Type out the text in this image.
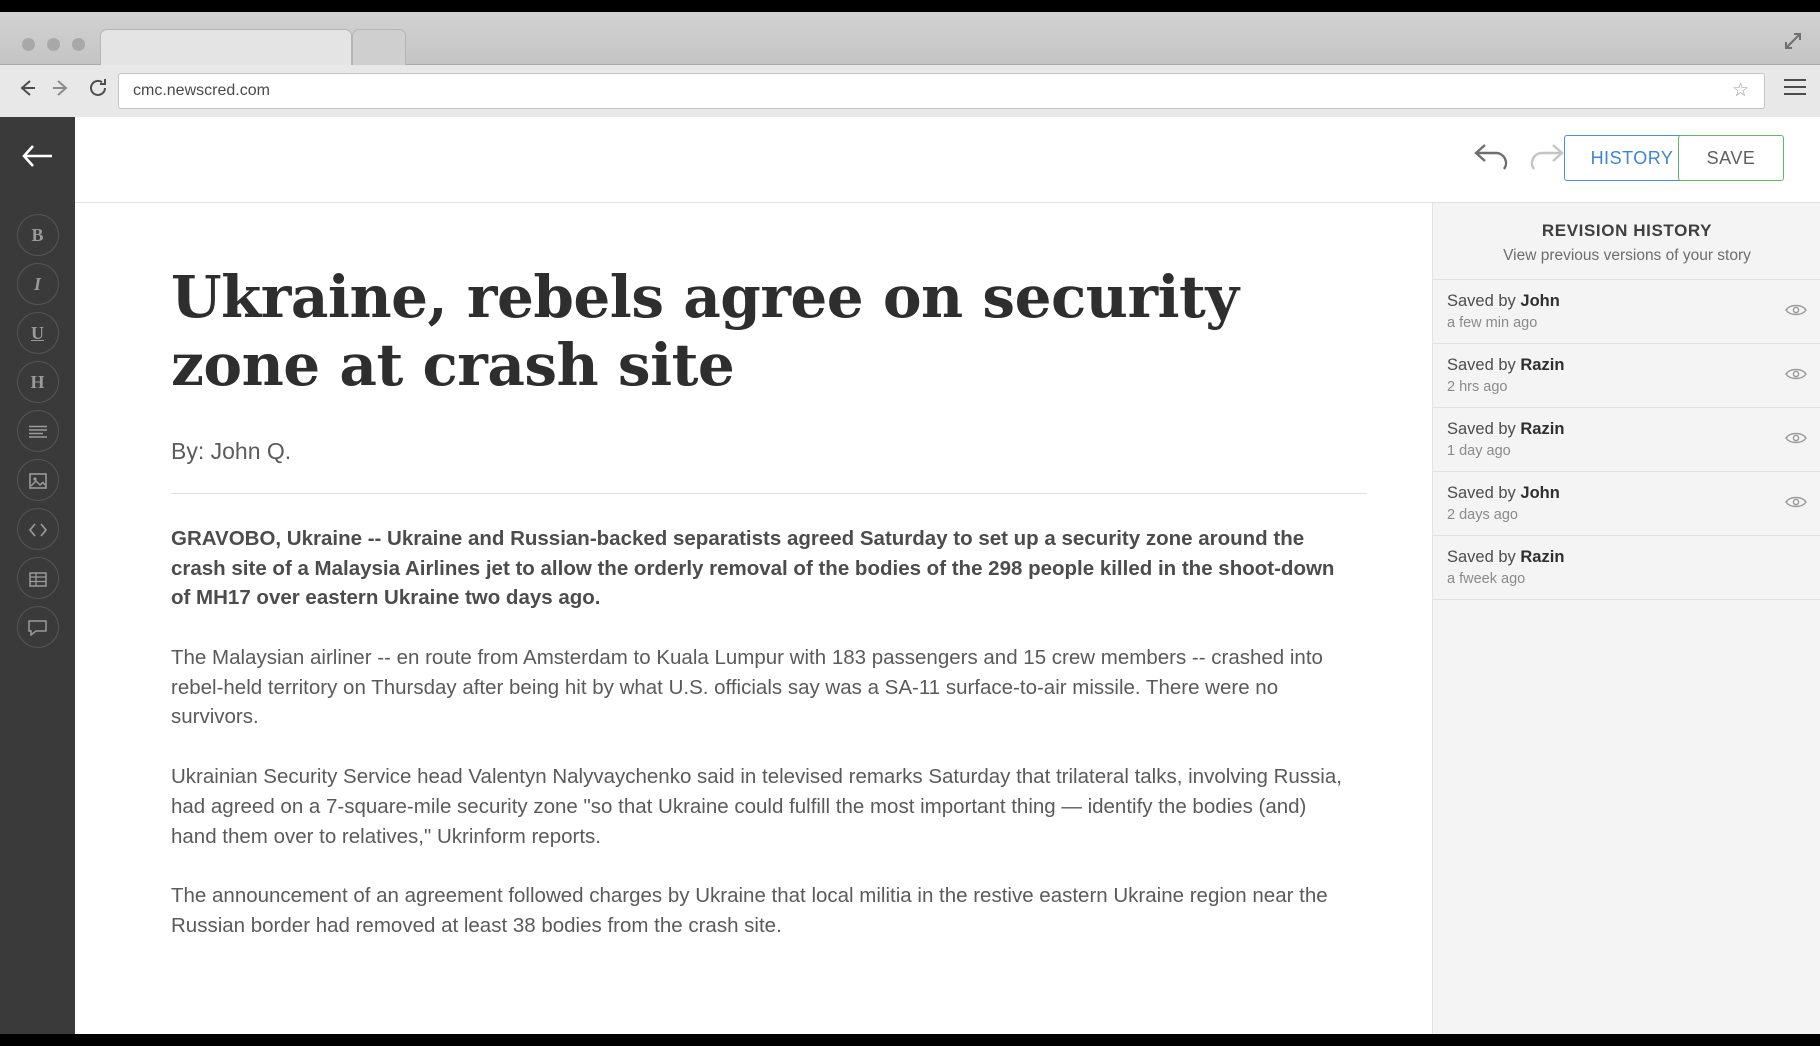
cmc.newscred.com	☆
B
I
U
H
HISTORY	SAVE
Ukraine, rebels agree on security zone at crash site
By: John Q.

GRAVOBO, Ukraine -- Ukraine and Russian-backed separatists agreed Saturday to set up a security zone around the crash site of a Malaysia Airlines jet to allow the orderly removal of the bodies of the 298 people killed in the shoot-down of MH17 over eastern Ukraine two days ago.

The Malaysian airliner -- en route from Amsterdam to Kuala Lumpur with 183 passengers and 15 crew members -- crashed into rebel-held territory on Thursday after being hit by what U.S. officials say was a SA-11 surface-to-air missile. There were no survivors.

Ukrainian Security Service head Valentyn Nalyvaychenko said in televised remarks Saturday that trilateral talks, involving Russia, had agreed on a 7-square-mile security zone "so that Ukraine could fulfill the most important thing — identify the bodies (and) hand them over to relatives," Ukrinform reports.

The announcement of an agreement followed charges by Ukraine that local militia in the restive eastern Ukraine region near the Russian border had removed at least 38 bodies from the crash site.

REVISION HISTORY
View previous versions of your story
Saved by John
a few min ago
Saved by Razin
2 hrs ago
Saved by Razin
1 day ago
Saved by John
2 days ago
Saved by Razin
a fweek ago
